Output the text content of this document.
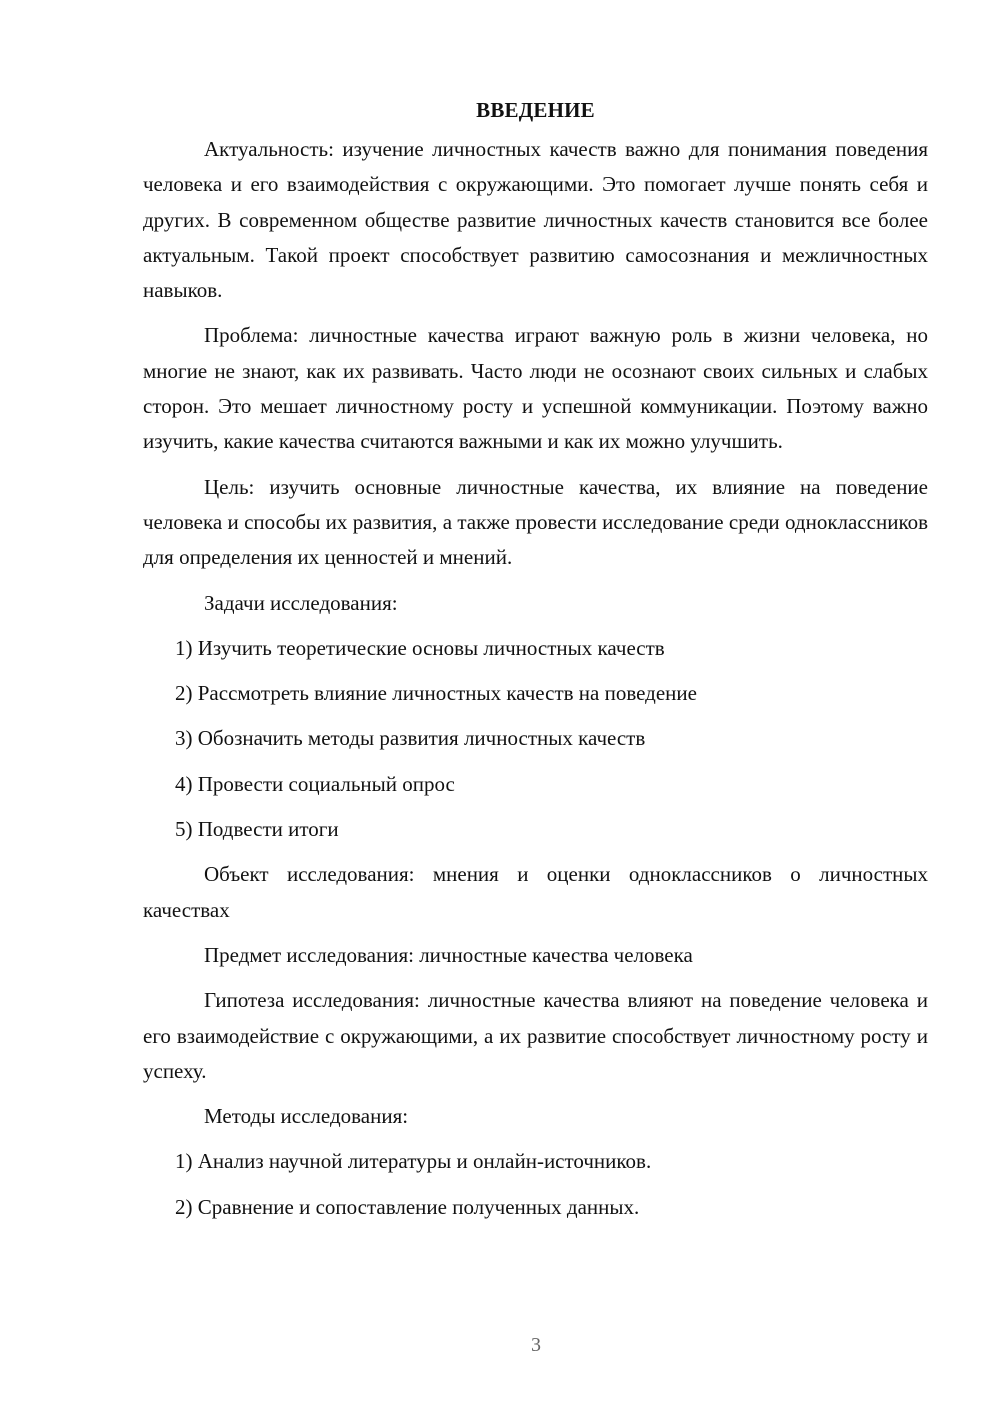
ВВЕДЕНИЕ
Актуальность: изучение личностных качеств важно для понимания поведения человека и его взаимодействия с окружающими. Это помогает лучше понять себя и других. В современном обществе развитие личностных качеств становится все более актуальным. Такой проект способствует развитию самосознания и межличностных навыков.
Проблема: личностные качества играют важную роль в жизни человека, но многие не знают, как их развивать. Часто люди не осознают своих сильных и слабых сторон. Это мешает личностному росту и успешной коммуникации. Поэтому важно изучить, какие качества считаются важными и как их можно улучшить.
Цель: изучить основные личностные качества, их влияние на поведение человека и способы их развития, а также провести исследование среди одноклассников для определения их ценностей и мнений.
Задачи исследования:
1) Изучить теоретические основы личностных качеств
2) Рассмотреть влияние личностных качеств на поведение
3) Обозначить методы развития личностных качеств
4) Провести социальный опрос
5) Подвести итоги
Объект исследования: мнения и оценки одноклассников о личностных качествах
Предмет исследования: личностные качества человека
Гипотеза исследования: личностные качества влияют на поведение человека и его взаимодействие с окружающими, а их развитие способствует личностному росту и успеху.
Методы исследования:
1) Анализ научной литературы и онлайн-источников.
2) Сравнение и сопоставление полученных данных.
3
